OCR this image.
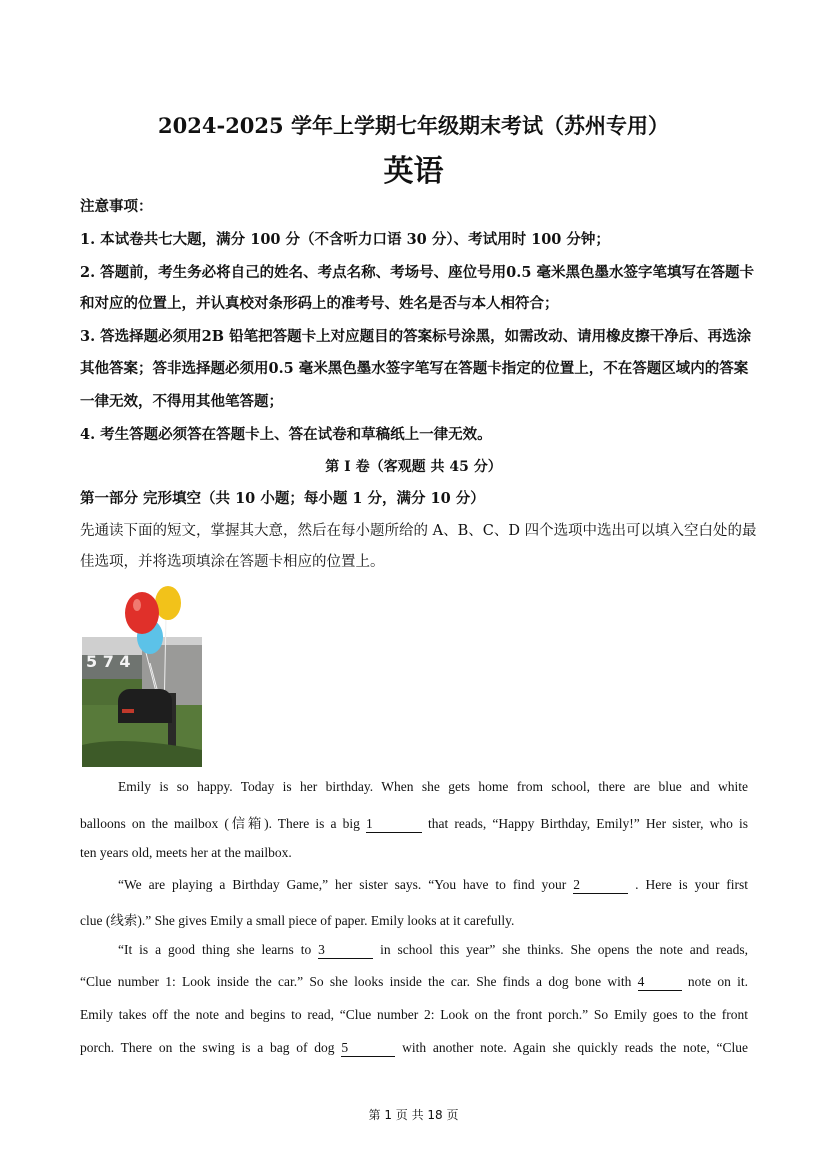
2024-2025 学年上学期七年级期末考试（苏州专用）
英语
注意事项：
1. 本试卷共七大题，满分 100 分（不含听力口语 30 分）、考试用时 100 分钟；
2. 答题前，考生务必将自己的姓名、考点名称、考场号、座位号用0.5 毫米黑色墨水签字笔填写在答题卡
和对应的位置上，并认真校对条形码上的准考号、姓名是否与本人相符合；
3. 答选择题必须用2B 铅笔把答题卡上对应题目的答案标号涂黑，如需改动、请用橡皮擦干净后、再选涂
其他答案；答非选择题必须用0.5 毫米黑色墨水签字笔写在答题卡指定的位置上，不在答题区域内的答案
一律无效，不得用其他笔答题；
4. 考生答题必须答在答题卡上、答在试卷和草稿纸上一律无效。
第 I 卷（客观题 共 45 分）
第一部分 完形填空（共 10 小题；每小题 1 分，满分 10 分）
先通读下面的短文，掌握其大意，然后在每小题所给的 A、B、C、D 四个选项中选出可以填入空白处的最
佳选项，并将选项填涂在答题卡相应的位置上。
5 7 4
Emily is so happy. Today is her birthday. When she gets home from school, there are blue and white
balloons on the mailbox (信箱). There is a big 1	that reads, “Happy Birthday, Emily!” Her sister, who is
ten years old, meets her at the mailbox.
“We are playing a Birthday Game,” her sister says. “You have to find your 2	. Here is your first
clue (线索).” She gives Emily a small piece of paper. Emily looks at it carefully.
“It is a good thing she learns to 3	in school this year” she thinks. She opens the note and reads,
“Clue number 1: Look inside the car.” So she looks inside the car. She finds a dog bone with 4	note on it.
Emily takes off the note and begins to read, “Clue number 2: Look on the front porch.” So Emily goes to the front
porch. There on the swing is a bag of dog 5	with another note. Again she quickly reads the note, “Clue
第 1 页 共 18 页
